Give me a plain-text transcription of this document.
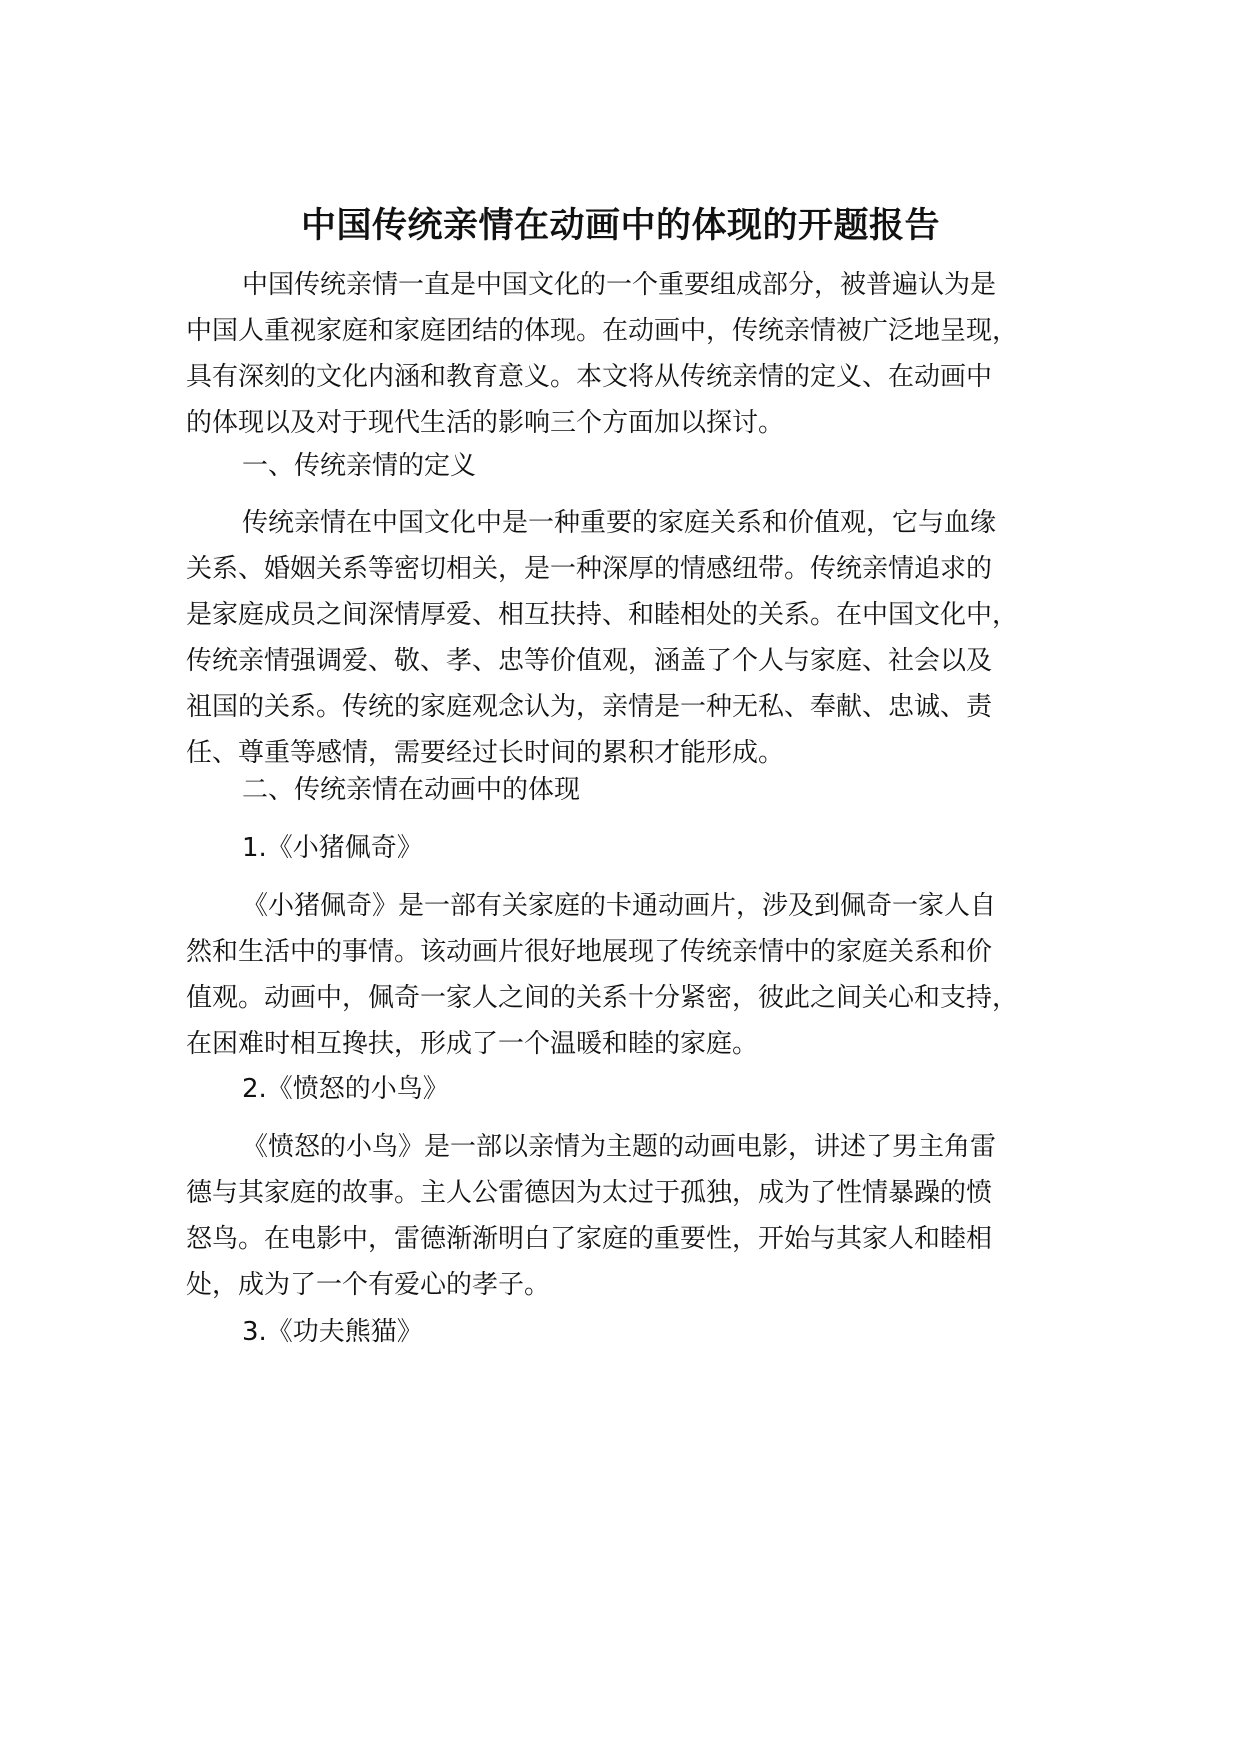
中国传统亲情在动画中的体现的开题报告

中国传统亲情一直是中国文化的一个重要组成部分，被普遍认为是
中国人重视家庭和家庭团结的体现。在动画中，传统亲情被广泛地呈现，
具有深刻的文化内涵和教育意义。本文将从传统亲情的定义、在动画中
的体现以及对于现代生活的影响三个方面加以探讨。

一、传统亲情的定义

传统亲情在中国文化中是一种重要的家庭关系和价值观，它与血缘
关系、婚姻关系等密切相关，是一种深厚的情感纽带。传统亲情追求的
是家庭成员之间深情厚爱、相互扶持、和睦相处的关系。在中国文化中，
传统亲情强调爱、敬、孝、忠等价值观，涵盖了个人与家庭、社会以及
祖国的关系。传统的家庭观念认为，亲情是一种无私、奉献、忠诚、责
任、尊重等感情，需要经过长时间的累积才能形成。

二、传统亲情在动画中的体现
1.《小猪佩奇》

《小猪佩奇》是一部有关家庭的卡通动画片，涉及到佩奇一家人自
然和生活中的事情。该动画片很好地展现了传统亲情中的家庭关系和价
值观。动画中，佩奇一家人之间的关系十分紧密，彼此之间关心和支持，
在困难时相互搀扶，形成了一个温暖和睦的家庭。

2.《愤怒的小鸟》

《愤怒的小鸟》是一部以亲情为主题的动画电影，讲述了男主角雷
德与其家庭的故事。主人公雷德因为太过于孤独，成为了性情暴躁的愤
怒鸟。在电影中，雷德渐渐明白了家庭的重要性，开始与其家人和睦相
处，成为了一个有爱心的孝子。

3.《功夫熊猫》
